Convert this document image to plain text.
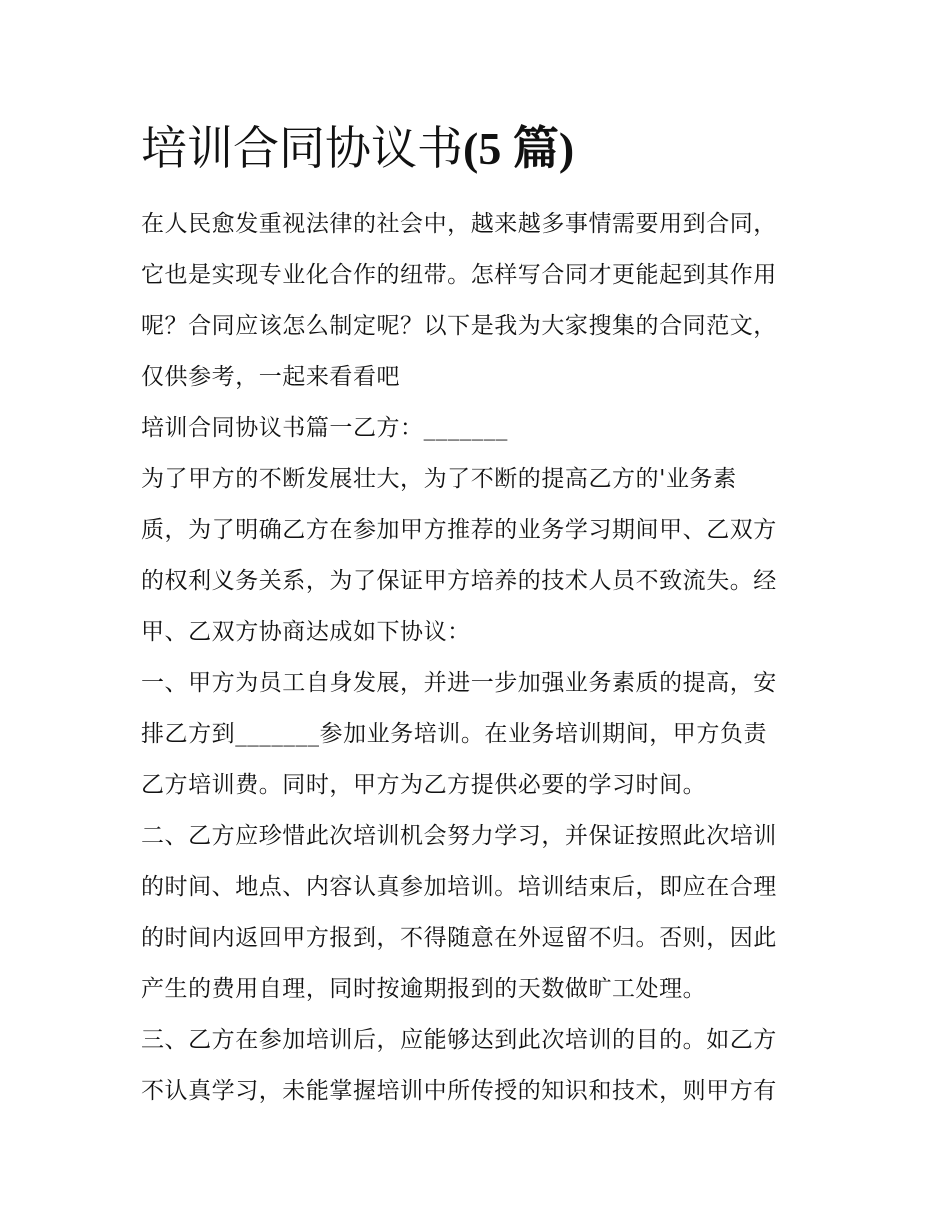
培训合同协议书(5 篇)
在人民愈发重视法律的社会中，越来越多事情需要用到合同，
它也是实现专业化合作的纽带。怎样写合同才更能起到其作用
呢？合同应该怎么制定呢？以下是我为大家搜集的合同范文，
仅供参考，一起来看看吧
培训合同协议书篇一乙方：_______
为了甲方的不断发展壮大，为了不断的提高乙方的'业务素
质，为了明确乙方在参加甲方推荐的业务学习期间甲、乙双方
的权利义务关系，为了保证甲方培养的技术人员不致流失。经
甲、乙双方协商达成如下协议：
一、甲方为员工自身发展，并进一步加强业务素质的提高，安
排乙方到_______参加业务培训。在业务培训期间，甲方负责
乙方培训费。同时，甲方为乙方提供必要的学习时间。
二、乙方应珍惜此次培训机会努力学习，并保证按照此次培训
的时间、地点、内容认真参加培训。培训结束后，即应在合理
的时间内返回甲方报到，不得随意在外逗留不归。否则，因此
产生的费用自理，同时按逾期报到的天数做旷工处理。
三、乙方在参加培训后，应能够达到此次培训的目的。如乙方
不认真学习，未能掌握培训中所传授的知识和技术，则甲方有
